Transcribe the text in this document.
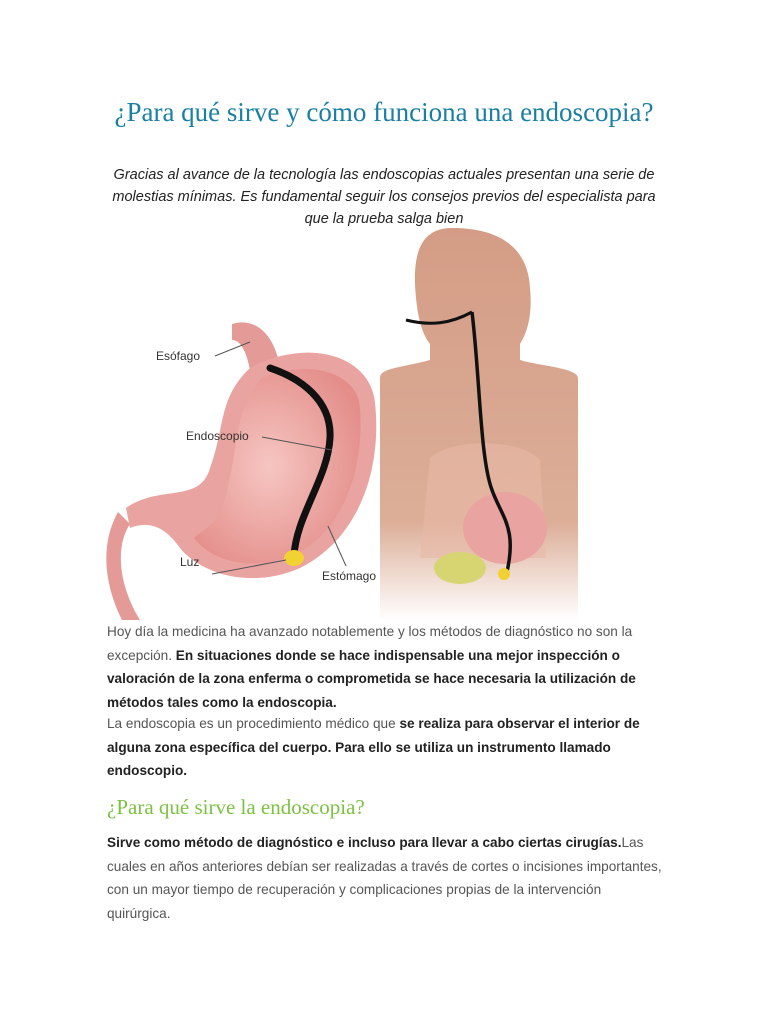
¿Para qué sirve y cómo funciona una endoscopia?

Gracias al avance de la tecnología las endoscopias actuales presentan una serie de molestias mínimas. Es fundamental seguir los consejos previos del especialista para que la prueba salga bien

Esófago
Endoscopio
Luz
Estómago

Hoy día la medicina ha avanzado notablemente y los métodos de diagnóstico no son la excepción. En situaciones donde se hace indispensable una mejor inspección o valoración de la zona enferma o comprometida se hace necesaria la utilización de métodos tales como la endoscopia.

La endoscopia es un procedimiento médico que se realiza para observar el interior de alguna zona específica del cuerpo. Para ello se utiliza un instrumento llamado endoscopio.

¿Para qué sirve la endoscopia?

Sirve como método de diagnóstico e incluso para llevar a cabo ciertas cirugías.Las cuales en años anteriores debían ser realizadas a través de cortes o incisiones importantes, con un mayor tiempo de recuperación y complicaciones propias de la intervención quirúrgica.
